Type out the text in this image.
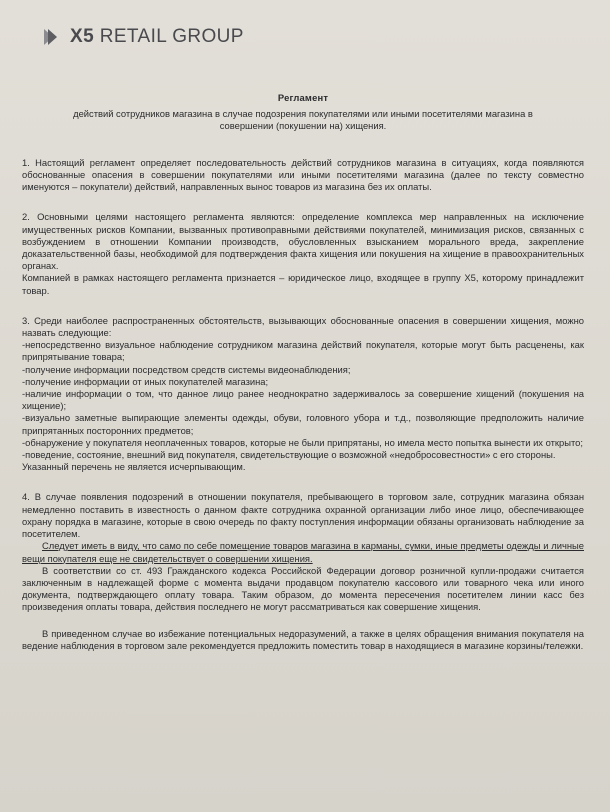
X5 RETAIL GROUP
Регламент
действий сотрудников магазина в случае подозрения покупателями или иными посетителями магазина в совершении (покушении на) хищения.

1. Настоящий регламент определяет последовательность действий сотрудников магазина в ситуациях, когда появляются обоснованные опасения в совершении покупателями или иными посетителями магазина (далее по тексту совместно именуются – покупатели) действий, направленных вынос товаров из магазина без их оплаты.

2. Основными целями настоящего регламента являются: определение комплекса мер направленных на исключение имущественных рисков Компании, вызванных противоправными действиями покупателей, минимизация рисков, связанных с возбуждением в отношении Компании производств, обусловленных взысканием морального вреда, закрепление доказательственной базы, необходимой для подтверждения факта хищения или покушения на хищение в правоохранительных органах.

Компанией в рамках настоящего регламента признается – юридическое лицо, входящее в группу X5, которому принадлежит товар.

3. Среди наиболее распространенных обстоятельств, вызывающих обоснованные опасения в совершении хищения, можно назвать следующие:
-непосредственно визуальное наблюдение сотрудником магазина действий покупателя, которые могут быть расценены, как припрятывание товара;
-получение информации посредством средств системы видеонаблюдения;
-получение информации от иных покупателей магазина;
-наличие информации о том, что данное лицо ранее неоднократно задерживалось за совершение хищений (покушения на хищение);
-визуально заметные выпирающие элементы одежды, обуви, головного убора и т.д., позволяющие предположить наличие припрятанных посторонних предметов;
-обнаружение у покупателя неоплаченных товаров, которые не были припрятаны, но имела место попытка вынести их открыто;
-поведение, состояние, внешний вид покупателя, свидетельствующие о возможной «недобросовестности» с его стороны.
Указанный перечень не является исчерпывающим.
4. В случае появления подозрений в отношении покупателя, пребывающего в торговом зале, сотрудник магазина обязан немедленно поставить в известность о данном факте сотрудника охранной организации либо иное лицо, обеспечивающее охрану порядка в магазине, которые в свою очередь по факту поступления информации обязаны организовать наблюдение за посетителем.
Следует иметь в виду, что само по себе помещение товаров магазина в карманы, сумки, иные предметы одежды и личные вещи покупателя еще не свидетельствует о совершении хищения.
В соответствии со ст. 493 Гражданского кодекса Российской Федерации договор розничной купли-продажи считается заключенным в надлежащей форме с момента выдачи продавцом покупателю кассового или товарного чека или иного документа, подтверждающего оплату товара. Таким образом, до момента пересечения посетителем линии касс без произведения оплаты товара, действия последнего не могут рассматриваться как совершение хищения.

В приведенном случае во избежание потенциальных недоразумений, а также в целях обращения внимания покупателя на ведение наблюдения в торговом зале рекомендуется предложить поместить товар в находящиеся в магазине корзины/тележки.
